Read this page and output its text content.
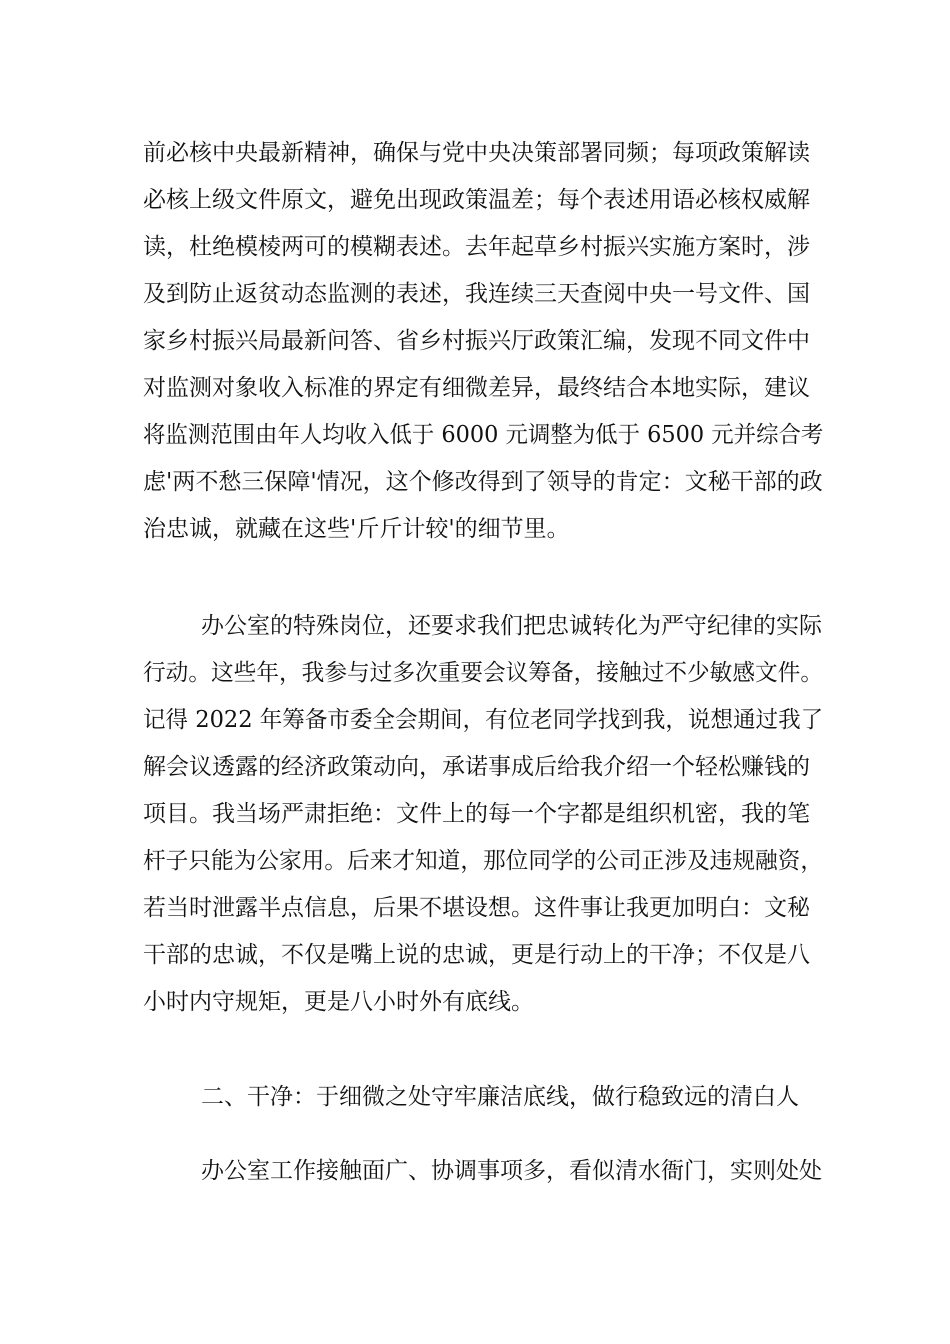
前必核中央最新精神，确保与党中央决策部署同频；每项政策解读
必核上级文件原文，避免出现政策温差；每个表述用语必核权威解
读，杜绝模棱两可的模糊表述。去年起草乡村振兴实施方案时，涉
及到防止返贫动态监测的表述，我连续三天查阅中央一号文件、国
家乡村振兴局最新问答、省乡村振兴厅政策汇编，发现不同文件中
对监测对象收入标准的界定有细微差异，最终结合本地实际，建议
将监测范围由年人均收入低于 6000 元调整为低于 6500 元并综合考
虑'两不愁三保障'情况，这个修改得到了领导的肯定：文秘干部的政
治忠诚，就藏在这些'斤斤计较'的细节里。
办公室的特殊岗位，还要求我们把忠诚转化为严守纪律的实际
行动。这些年，我参与过多次重要会议筹备，接触过不少敏感文件。
记得 2022 年筹备市委全会期间，有位老同学找到我，说想通过我了
解会议透露的经济政策动向，承诺事成后给我介绍一个轻松赚钱的
项目。我当场严肃拒绝：文件上的每一个字都是组织机密，我的笔
杆子只能为公家用。后来才知道，那位同学的公司正涉及违规融资，
若当时泄露半点信息，后果不堪设想。这件事让我更加明白：文秘
干部的忠诚，不仅是嘴上说的忠诚，更是行动上的干净；不仅是八
小时内守规矩，更是八小时外有底线。
二、干净：于细微之处守牢廉洁底线，做行稳致远的清白人
办公室工作接触面广、协调事项多，看似清水衙门，实则处处
